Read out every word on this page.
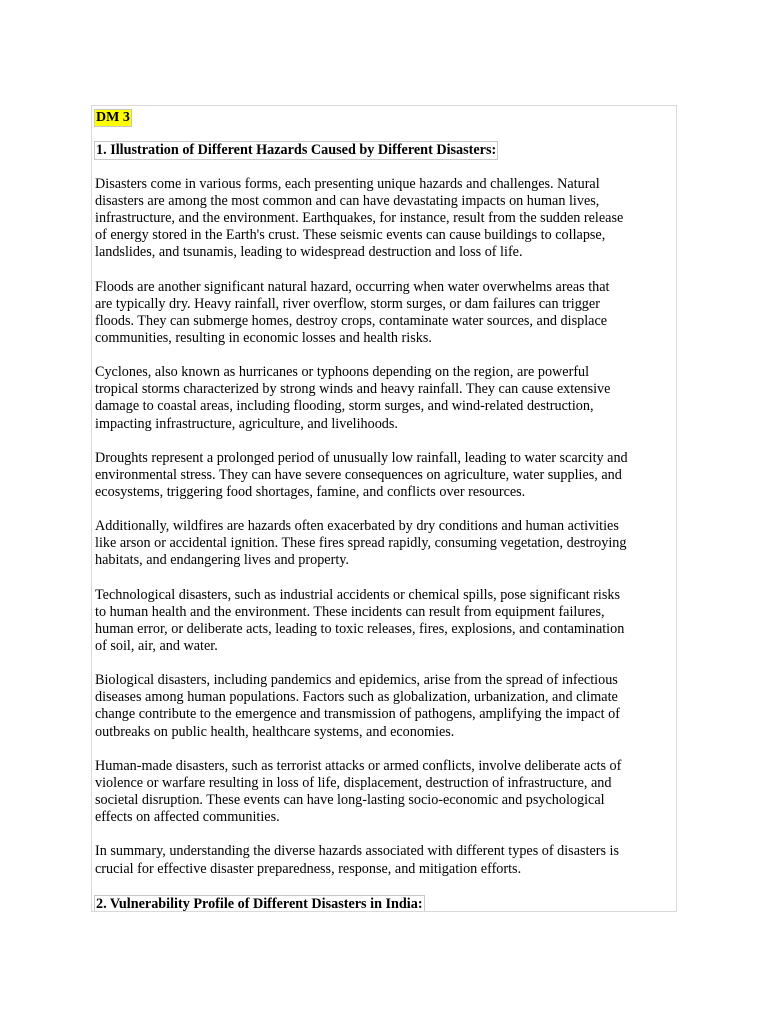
DM 3
1. Illustration of Different Hazards Caused by Different Disasters:
Disasters come in various forms, each presenting unique hazards and challenges. Natural
disasters are among the most common and can have devastating impacts on human lives,
infrastructure, and the environment. Earthquakes, for instance, result from the sudden release
of energy stored in the Earth's crust. These seismic events can cause buildings to collapse,
landslides, and tsunamis, leading to widespread destruction and loss of life.
Floods are another significant natural hazard, occurring when water overwhelms areas that
are typically dry. Heavy rainfall, river overflow, storm surges, or dam failures can trigger
floods. They can submerge homes, destroy crops, contaminate water sources, and displace
communities, resulting in economic losses and health risks.
Cyclones, also known as hurricanes or typhoons depending on the region, are powerful
tropical storms characterized by strong winds and heavy rainfall. They can cause extensive
damage to coastal areas, including flooding, storm surges, and wind-related destruction,
impacting infrastructure, agriculture, and livelihoods.
Droughts represent a prolonged period of unusually low rainfall, leading to water scarcity and
environmental stress. They can have severe consequences on agriculture, water supplies, and
ecosystems, triggering food shortages, famine, and conflicts over resources.
Additionally, wildfires are hazards often exacerbated by dry conditions and human activities
like arson or accidental ignition. These fires spread rapidly, consuming vegetation, destroying
habitats, and endangering lives and property.
Technological disasters, such as industrial accidents or chemical spills, pose significant risks
to human health and the environment. These incidents can result from equipment failures,
human error, or deliberate acts, leading to toxic releases, fires, explosions, and contamination
of soil, air, and water.
Biological disasters, including pandemics and epidemics, arise from the spread of infectious
diseases among human populations. Factors such as globalization, urbanization, and climate
change contribute to the emergence and transmission of pathogens, amplifying the impact of
outbreaks on public health, healthcare systems, and economies.
Human-made disasters, such as terrorist attacks or armed conflicts, involve deliberate acts of
violence or warfare resulting in loss of life, displacement, destruction of infrastructure, and
societal disruption. These events can have long-lasting socio-economic and psychological
effects on affected communities.
In summary, understanding the diverse hazards associated with different types of disasters is
crucial for effective disaster preparedness, response, and mitigation efforts.
2. Vulnerability Profile of Different Disasters in India:
